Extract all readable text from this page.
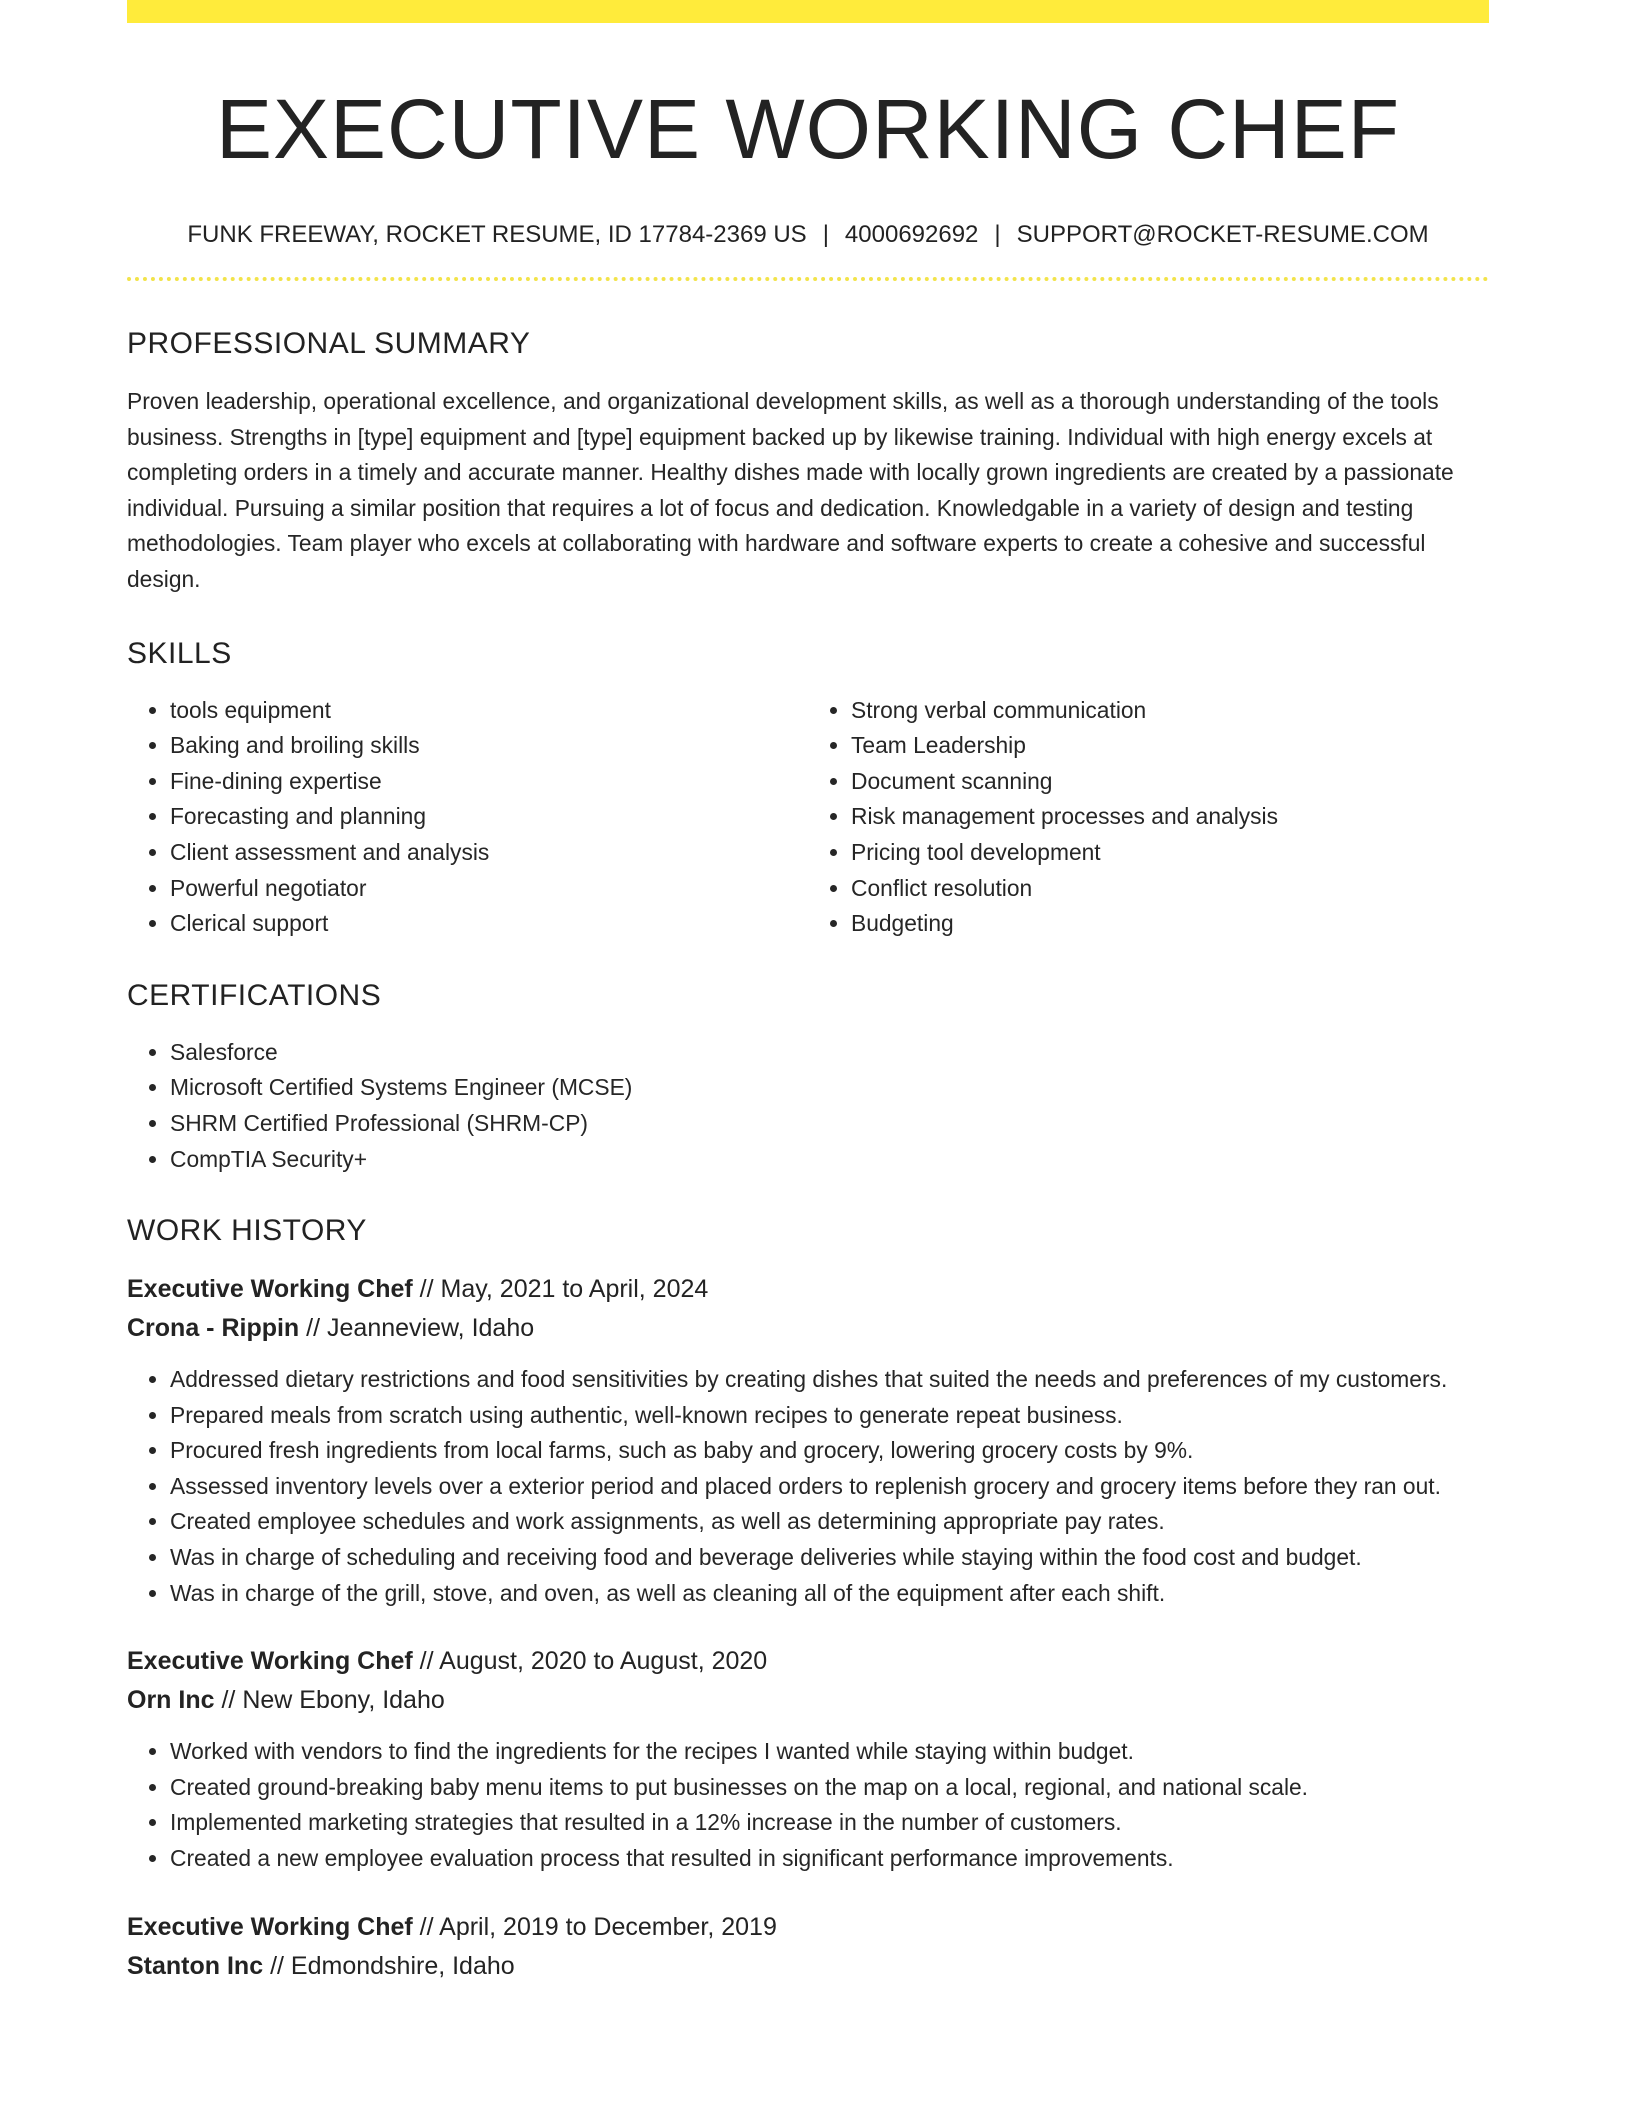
EXECUTIVE WORKING CHEF
FUNK FREEWAY, ROCKET RESUME, ID 17784-2369 US | 4000692692 | SUPPORT@ROCKET-RESUME.COM
PROFESSIONAL SUMMARY
Proven leadership, operational excellence, and organizational development skills, as well as a thorough understanding of the tools business. Strengths in [type] equipment and [type] equipment backed up by likewise training. Individual with high energy excels at completing orders in a timely and accurate manner. Healthy dishes made with locally grown ingredients are created by a passionate individual. Pursuing a similar position that requires a lot of focus and dedication. Knowledgable in a variety of design and testing methodologies. Team player who excels at collaborating with hardware and software experts to create a cohesive and successful design.
SKILLS
• tools equipment
• Baking and broiling skills
• Fine-dining expertise
• Forecasting and planning
• Client assessment and analysis
• Powerful negotiator
• Clerical support
• Strong verbal communication
• Team Leadership
• Document scanning
• Risk management processes and analysis
• Pricing tool development
• Conflict resolution
• Budgeting
CERTIFICATIONS
• Salesforce
• Microsoft Certified Systems Engineer (MCSE)
• SHRM Certified Professional (SHRM-CP)
• CompTIA Security+
WORK HISTORY
Executive Working Chef // May, 2021 to April, 2024
Crona - Rippin // Jeanneview, Idaho
• Addressed dietary restrictions and food sensitivities by creating dishes that suited the needs and preferences of my customers.
• Prepared meals from scratch using authentic, well-known recipes to generate repeat business.
• Procured fresh ingredients from local farms, such as baby and grocery, lowering grocery costs by 9%.
• Assessed inventory levels over a exterior period and placed orders to replenish grocery and grocery items before they ran out.
• Created employee schedules and work assignments, as well as determining appropriate pay rates.
• Was in charge of scheduling and receiving food and beverage deliveries while staying within the food cost and budget.
• Was in charge of the grill, stove, and oven, as well as cleaning all of the equipment after each shift.
Executive Working Chef // August, 2020 to August, 2020
Orn Inc // New Ebony, Idaho
• Worked with vendors to find the ingredients for the recipes I wanted while staying within budget.
• Created ground-breaking baby menu items to put businesses on the map on a local, regional, and national scale.
• Implemented marketing strategies that resulted in a 12% increase in the number of customers.
• Created a new employee evaluation process that resulted in significant performance improvements.
Executive Working Chef // April, 2019 to December, 2019
Stanton Inc // Edmondshire, Idaho
